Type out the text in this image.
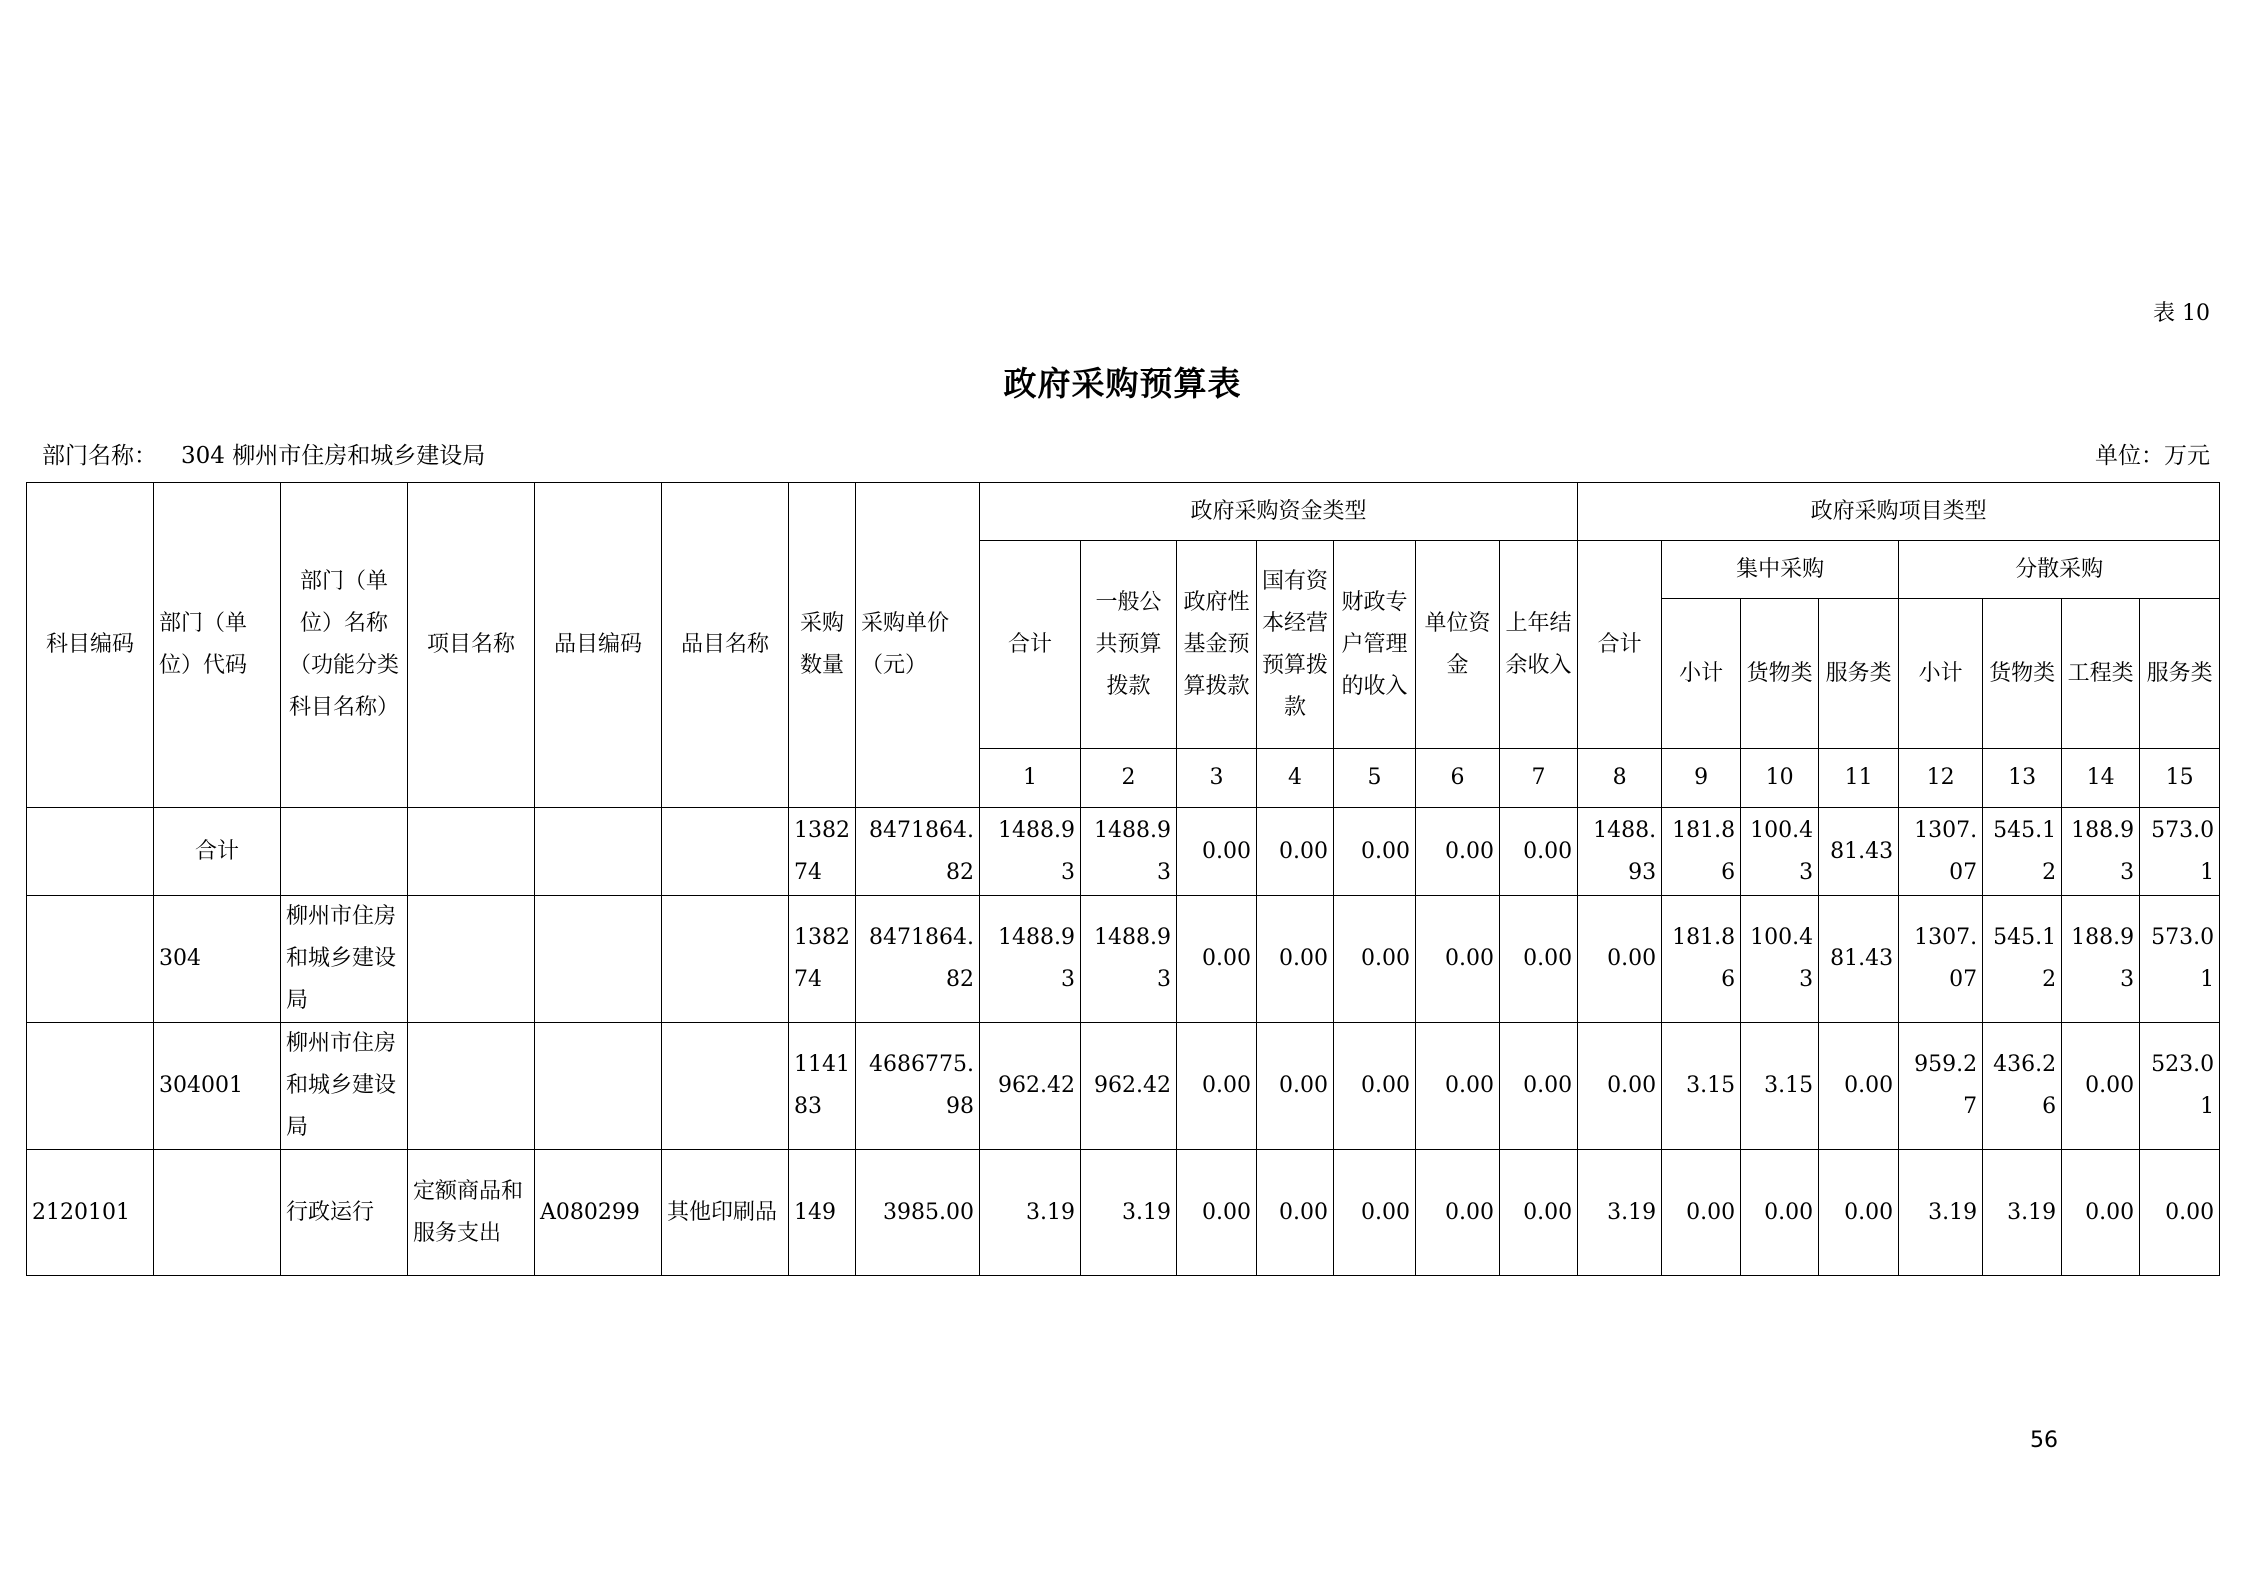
表 10
政府采购预算表
部门名称： 304 柳州市住房和城乡建设局	单位：万元
科目编码	部门（单位）代码	部门（单位）名称（功能分类科目名称）	项目名称	品目编码	品目名称	采购数量	采购单价（元）	政府采购资金类型							政府采购项目类型							
								合计	一般公共预算拨款	政府性基金预算拨款	国有资本经营预算拨款	财政专户管理的收入	单位资金	上年结余收入	合计	集中采购			分散采购			
																小计	货物类	服务类	小计	货物类	工程类	服务类
								1	2	3	4	5	6	7	8	9	10	11	12	13	14	15
	合计					138274	8471864.82	1488.93	1488.93	0.00	0.00	0.00	0.00	0.00	1488.93	181.86	100.43	81.43	1307.07	545.12	188.93	573.01
	304	柳州市住房和城乡建设局				138274	8471864.82	1488.93	1488.93	0.00	0.00	0.00	0.00	0.00	0.00	181.86	100.43	81.43	1307.07	545.12	188.93	573.01
	304001	柳州市住房和城乡建设局				114183	4686775.98	962.42	962.42	0.00	0.00	0.00	0.00	0.00	0.00	3.15	3.15	0.00	959.27	436.26	0.00	523.01
2120101		行政运行	定额商品和服务支出	A080299	其他印刷品	149	3985.00	3.19	3.19	0.00	0.00	0.00	0.00	0.00	3.19	0.00	0.00	0.00	3.19	3.19	0.00	0.00
56
